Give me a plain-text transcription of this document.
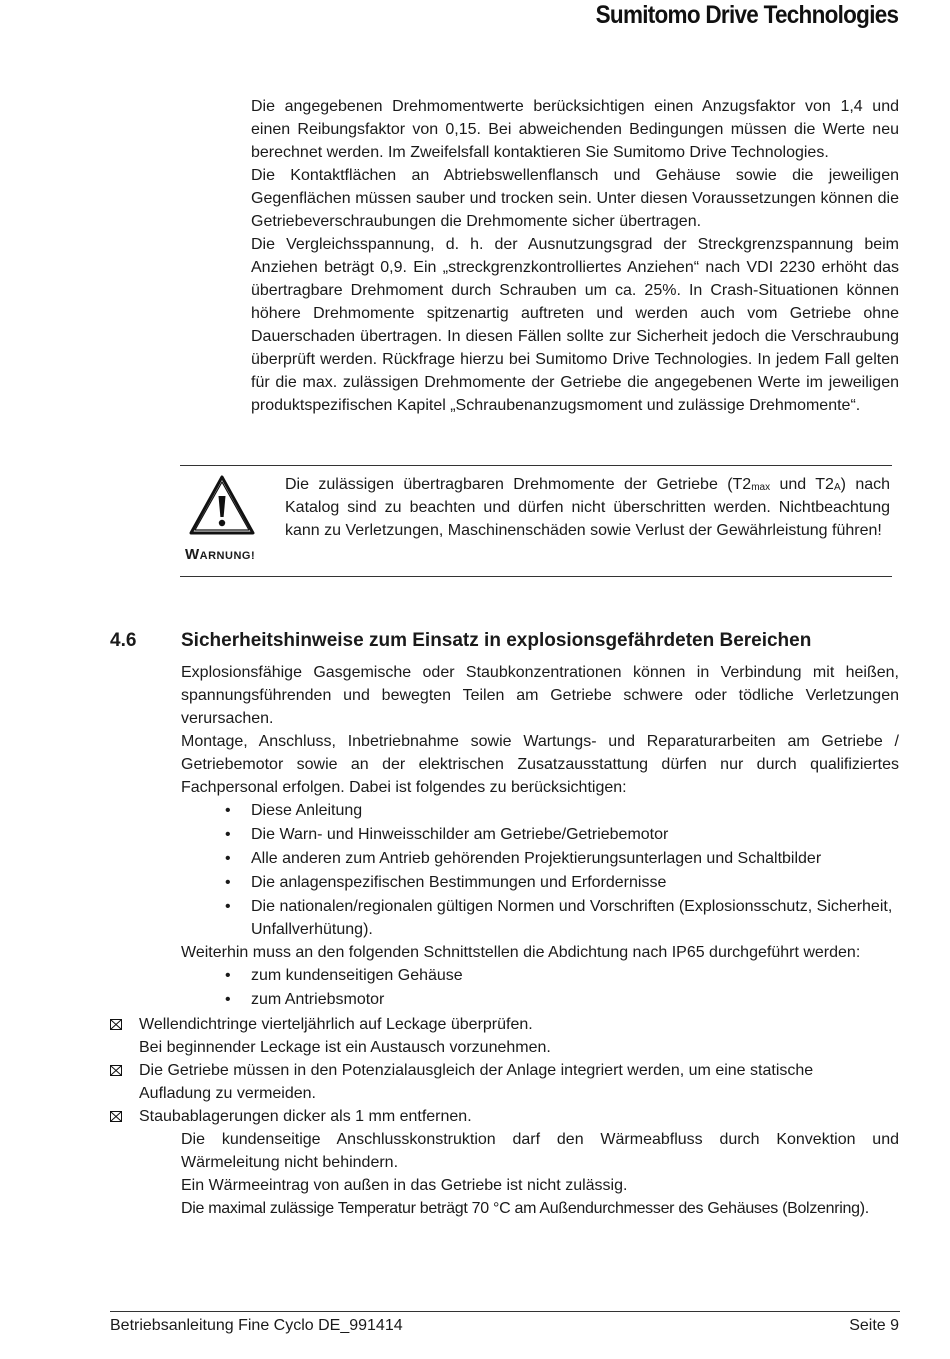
Sumitomo Drive Technologies

Die angegebenen Drehmomentwerte berücksichtigen einen Anzugsfaktor von 1,4 und einen Reibungsfaktor von 0,15. Bei abweichenden Bedingungen müssen die Werte neu berechnet werden. Im Zweifelsfall kontaktieren Sie Sumitomo Drive Technologies.

Die Kontaktflächen an Abtriebswellenflansch und Gehäuse sowie die jeweiligen Gegenflächen müssen sauber und trocken sein. Unter diesen Voraussetzungen können die Getriebeverschraubungen die Drehmomente sicher übertragen.

Die Vergleichsspannung, d. h. der Ausnutzungsgrad der Streckgrenzspannung beim Anziehen beträgt 0,9. Ein „streckgrenzkontrolliertes Anziehen“ nach VDI 2230 erhöht das übertragbare Drehmoment durch Schrauben um ca. 25%. In Crash-Situationen können höhere Drehmomente spitzenartig auftreten und werden auch vom Getriebe ohne Dauerschaden übertragen. In diesen Fällen sollte zur Sicherheit jedoch die Verschraubung überprüft werden. Rückfrage hierzu bei Sumitomo Drive Technologies. In jedem Fall gelten für die max. zulässigen Drehmomente der Getriebe die angegebenen Werte im jeweiligen produktspezifischen Kapitel „Schraubenanzugsmoment und zulässige Drehmomente“.

WARNUNG!
Die zulässigen übertragbaren Drehmomente der Getriebe ($T2_{max}$ und $T2_A$) nach Katalog sind zu beachten und dürfen nicht überschritten werden. Nichtbeachtung kann zu Verletzungen, Maschinenschäden sowie Verlust der Gewährleistung führen!
4.6 Sicherheitshinweise zum Einsatz in explosionsgefährdeten Bereichen

Explosionsfähige Gasgemische oder Staubkonzentrationen können in Verbindung mit heißen, spannungsführenden und bewegten Teilen am Getriebe schwere oder tödliche Verletzungen verursachen.

Montage, Anschluss, Inbetriebnahme sowie Wartungs- und Reparaturarbeiten am Getriebe / Getriebemotor sowie an der elektrischen Zusatzausstattung dürfen nur durch qualifiziertes Fachpersonal erfolgen. Dabei ist folgendes zu berücksichtigen:

• Diese Anleitung
• Die Warn- und Hinweisschilder am Getriebe/Getriebemotor
• Alle anderen zum Antrieb gehörenden Projektierungsunterlagen und Schaltbilder
• Die anlagenspezifischen Bestimmungen und Erfordernisse
• Die nationalen/regionalen gültigen Normen und Vorschriften (Explosionsschutz, Sicherheit, Unfallverhütung).

Weiterhin muss an den folgenden Schnittstellen die Abdichtung nach IP65 durchgeführt werden:

• zum kundenseitigen Gehäuse
• zum Antriebsmotor
Wellendichtringe vierteljährlich auf Leckage überprüfen.
Bei beginnender Leckage ist ein Austausch vorzunehmen.
Die Getriebe müssen in den Potenzialausgleich der Anlage integriert werden, um eine statische Aufladung zu vermeiden.
Staubablagerungen dicker als 1 mm entfernen.

Die kundenseitige Anschlusskonstruktion darf den Wärmeabfluss durch Konvektion und Wärmeleitung nicht behindern.

Ein Wärmeeintrag von außen in das Getriebe ist nicht zulässig.

Die maximal zulässige Temperatur beträgt 70 °C am Außendurchmesser des Gehäuses (Bolzenring).

Betriebsanleitung Fine Cyclo DE_991414	Seite 9
